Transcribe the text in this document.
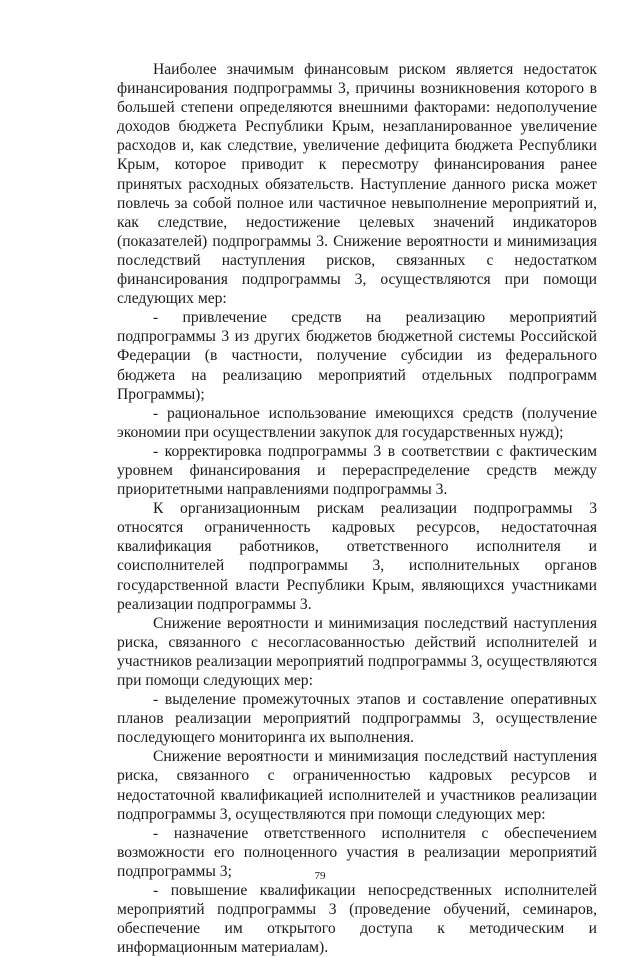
Наиболее значимым финансовым риском является недостаток финансирования подпрограммы 3, причины возникновения которого в большей степени определяются внешними факторами: недополучение доходов бюджета Республики Крым, незапланированное увеличение расходов и, как следствие, увеличение дефицита бюджета Республики Крым, которое приводит к пересмотру финансирования ранее принятых расходных обязательств. Наступление данного риска может повлечь за собой полное или частичное невыполнение мероприятий и, как следствие, недостижение целевых значений индикаторов (показателей) подпрограммы 3. Снижение вероятности и минимизация последствий наступления рисков, связанных с недостатком финансирования подпрограммы 3, осуществляются при помощи следующих мер:

- привлечение средств на реализацию мероприятий подпрограммы 3 из других бюджетов бюджетной системы Российской Федерации (в частности, получение субсидии из федерального бюджета на реализацию мероприятий отдельных подпрограмм Программы);

- рациональное использование имеющихся средств (получение экономии при осуществлении закупок для государственных нужд);

- корректировка подпрограммы 3 в соответствии с фактическим уровнем финансирования и перераспределение средств между приоритетными направлениями подпрограммы 3.

К организационным рискам реализации подпрограммы 3 относятся ограниченность кадровых ресурсов, недостаточная квалификация работников, ответственного исполнителя и соисполнителей подпрограммы 3, исполнительных органов государственной власти Республики Крым, являющихся участниками реализации подпрограммы 3.

Снижение вероятности и минимизация последствий наступления риска, связанного с несогласованностью действий исполнителей и участников реализации мероприятий подпрограммы 3, осуществляются при помощи следующих мер:

- выделение промежуточных этапов и составление оперативных планов реализации мероприятий подпрограммы 3, осуществление последующего мониторинга их выполнения.

Снижение вероятности и минимизация последствий наступления риска, связанного с ограниченностью кадровых ресурсов и недостаточной квалификацией исполнителей и участников реализации подпрограммы 3, осуществляются при помощи следующих мер:

- назначение ответственного исполнителя с обеспечением возможности его полноценного участия в реализации мероприятий подпрограммы 3;

- повышение квалификации непосредственных исполнителей мероприятий подпрограммы 3 (проведение обучений, семинаров, обеспечение им открытого доступа к методическим и информационным материалам).

79
